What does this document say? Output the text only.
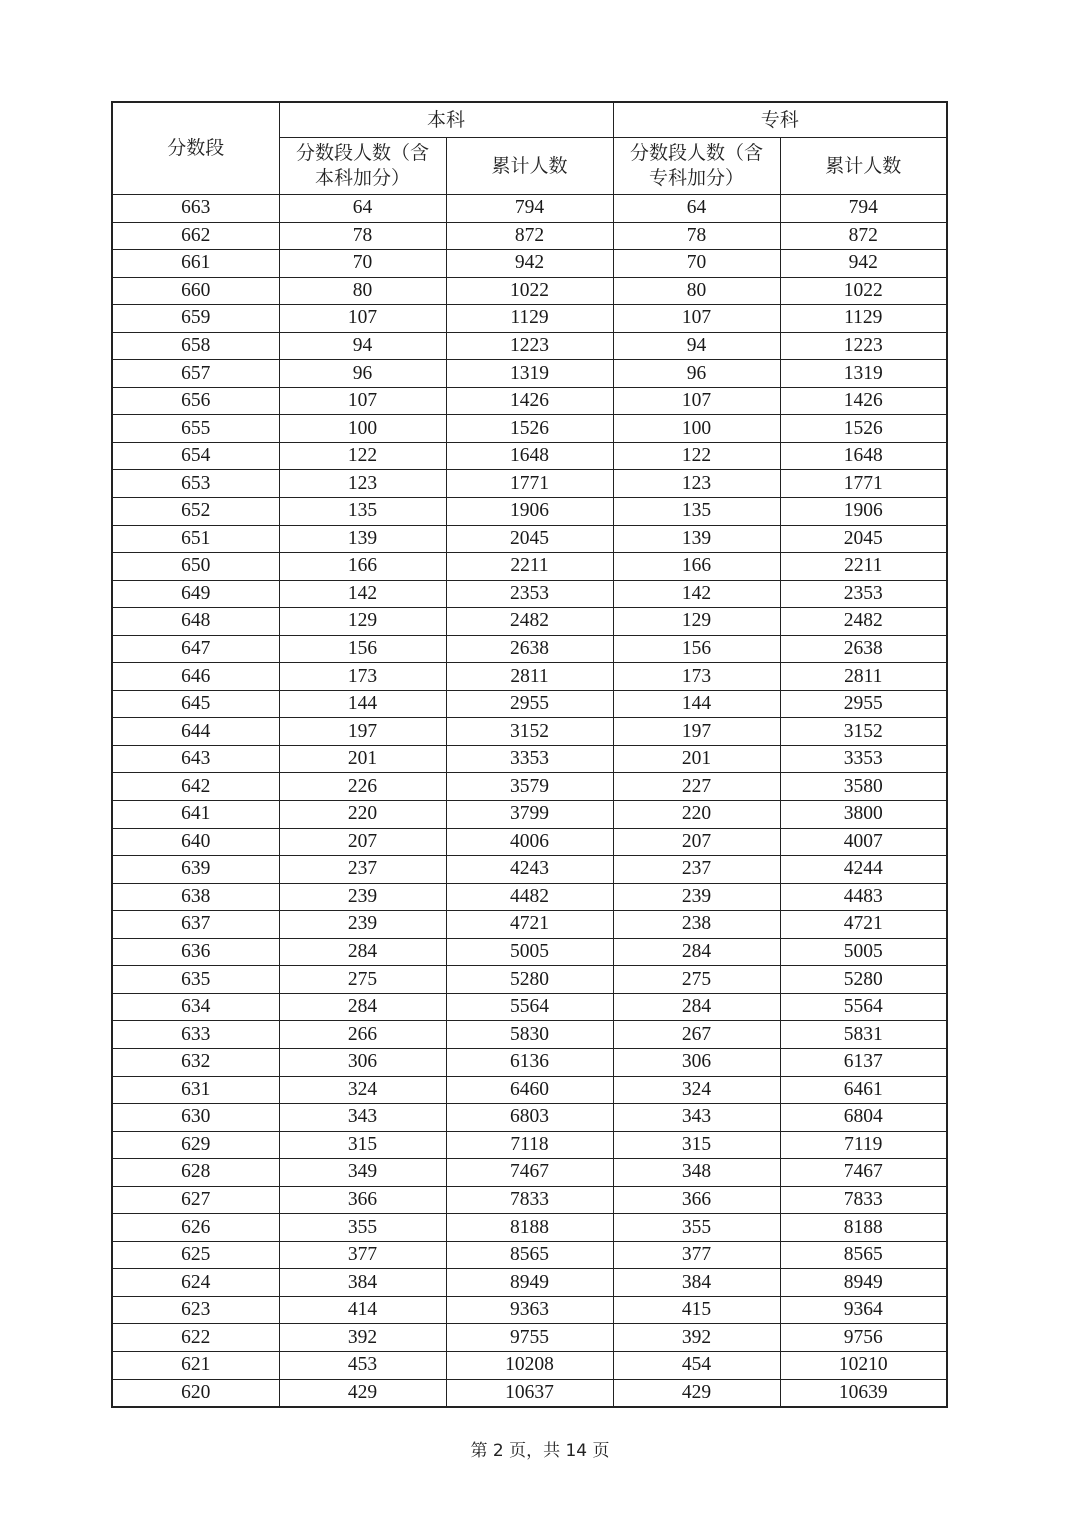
分数段	本科		专科	
	分数段人数（含本科加分）	累计人数	分数段人数（含专科加分）	累计人数
663	64	794	64	794
662	78	872	78	872
661	70	942	70	942
660	80	1022	80	1022
659	107	1129	107	1129
658	94	1223	94	1223
657	96	1319	96	1319
656	107	1426	107	1426
655	100	1526	100	1526
654	122	1648	122	1648
653	123	1771	123	1771
652	135	1906	135	1906
651	139	2045	139	2045
650	166	2211	166	2211
649	142	2353	142	2353
648	129	2482	129	2482
647	156	2638	156	2638
646	173	2811	173	2811
645	144	2955	144	2955
644	197	3152	197	3152
643	201	3353	201	3353
642	226	3579	227	3580
641	220	3799	220	3800
640	207	4006	207	4007
639	237	4243	237	4244
638	239	4482	239	4483
637	239	4721	238	4721
636	284	5005	284	5005
635	275	5280	275	5280
634	284	5564	284	5564
633	266	5830	267	5831
632	306	6136	306	6137
631	324	6460	324	6461
630	343	6803	343	6804
629	315	7118	315	7119
628	349	7467	348	7467
627	366	7833	366	7833
626	355	8188	355	8188
625	377	8565	377	8565
624	384	8949	384	8949
623	414	9363	415	9364
622	392	9755	392	9756
621	453	10208	454	10210
620	429	10637	429	10639
第 2 页，共 14 页
